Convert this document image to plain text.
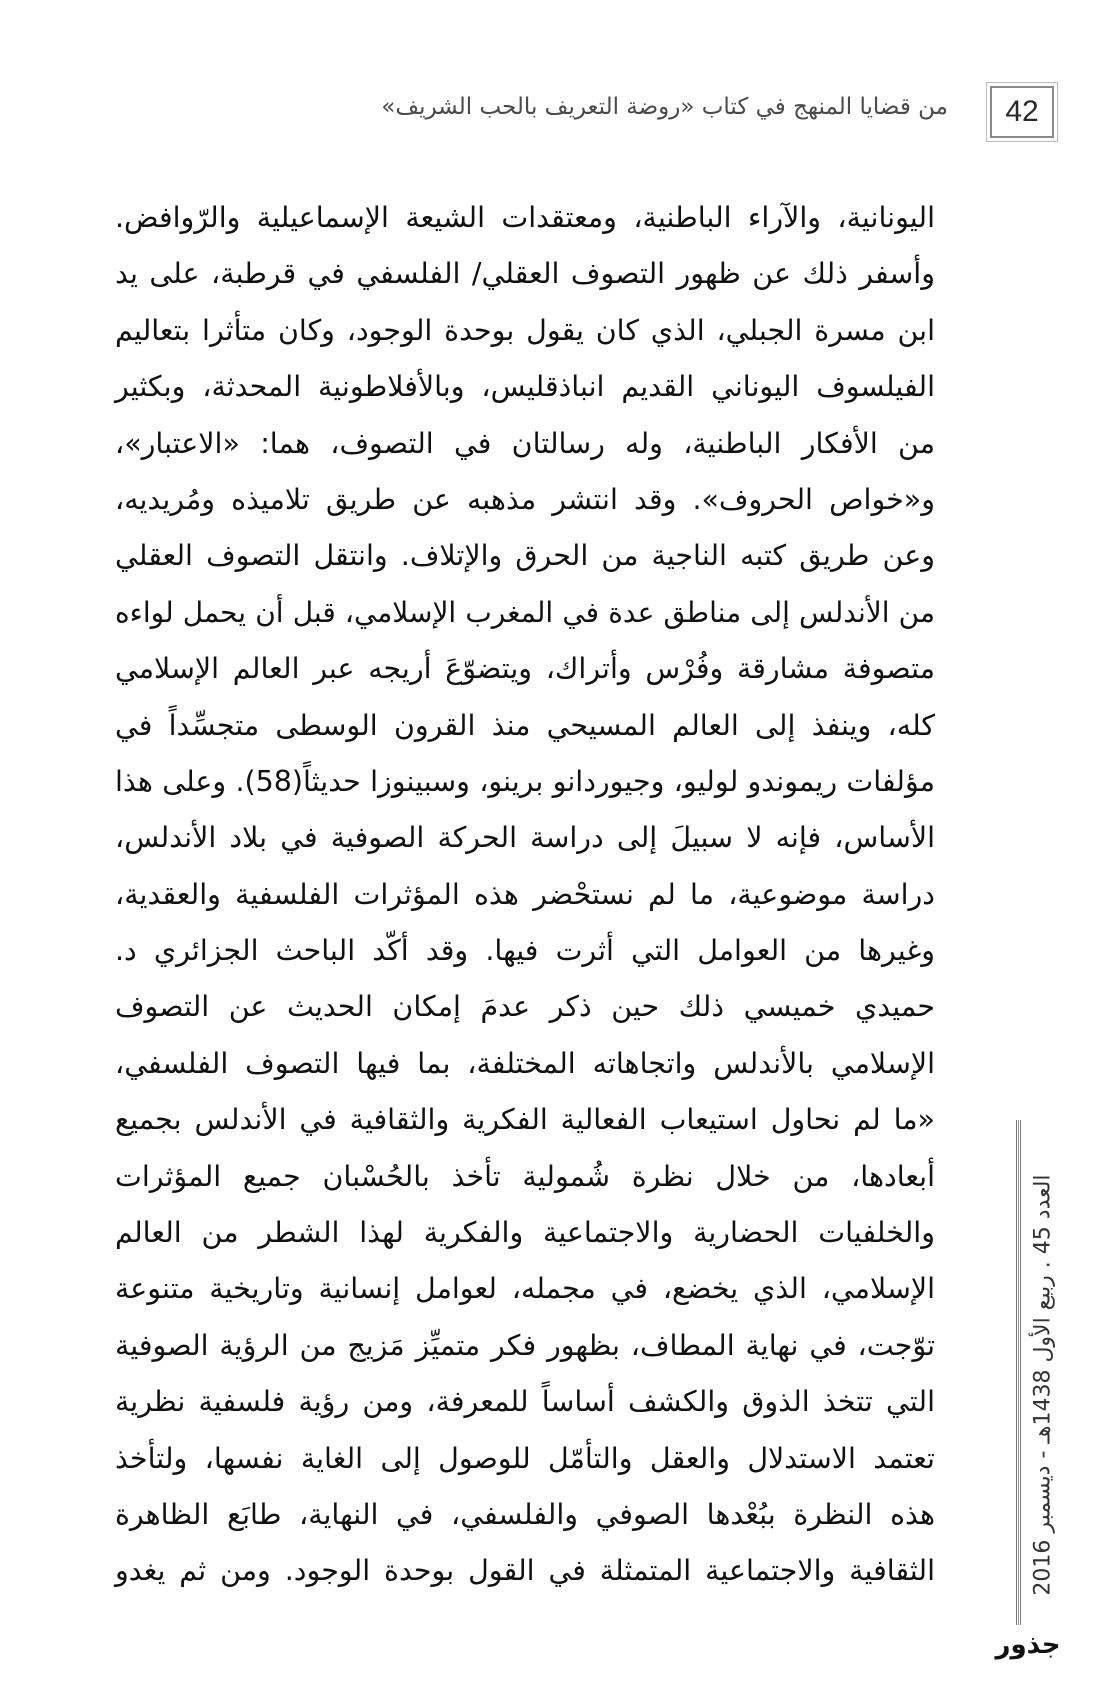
42
من قضايا المنهج في كتاب «روضة التعريف بالحب الشريف»
اليونانية، والآراء الباطنية، ومعتقدات الشيعة الإسماعيلية والرّوافض.
وأسفر ذلك عن ظهور التصوف العقلي/ الفلسفي في قرطبة، على يد
ابن مسرة الجبلي، الذي كان يقول بوحدة الوجود، وكان متأثرا بتعاليم
الفيلسوف اليوناني القديم انباذقليس، وبالأفلاطونية المحدثة، وبكثير
من الأفكار الباطنية، وله رسالتان في التصوف، هما: «الاعتبار»،
و«خواص الحروف». وقد انتشر مذهبه عن طريق تلاميذه ومُريديه،
وعن طريق كتبه الناجية من الحرق والإتلاف. وانتقل التصوف العقلي
من الأندلس إلى مناطق عدة في المغرب الإسلامي، قبل أن يحمل لواءه
متصوفة مشارقة وفُرْس وأتراك، ويتضوّعَ أريجه عبر العالم الإسلامي
كله، وينفذ إلى العالم المسيحي منذ القرون الوسطى متجسِّداً في
مؤلفات ريموندو لوليو، وجيوردانو برينو، وسبينوزا حديثاً(58). وعلى هذا
الأساس، فإنه لا سبيلَ إلى دراسة الحركة الصوفية في بلاد الأندلس،
دراسة موضوعية، ما لم نستحْضر هذه المؤثرات الفلسفية والعقدية،
وغيرها من العوامل التي أثرت فيها. وقد أكّد الباحث الجزائري د.
حميدي خميسي ذلك حين ذكر عدمَ إمكان الحديث عن التصوف
الإسلامي بالأندلس واتجاهاته المختلفة، بما فيها التصوف الفلسفي،
«ما لم نحاول استيعاب الفعالية الفكرية والثقافية في الأندلس بجميع
أبعادها، من خلال نظرة شُمولية تأخذ بالحُسْبان جميع المؤثرات
والخلفيات الحضارية والاجتماعية والفكرية لهذا الشطر من العالم
الإسلامي، الذي يخضع، في مجمله، لعوامل إنسانية وتاريخية متنوعة
توّجت، في نهاية المطاف، بظهور فكر متميِّز مَزيج من الرؤية الصوفية
التي تتخذ الذوق والكشف أساساً للمعرفة، ومن رؤية فلسفية نظرية
تعتمد الاستدلال والعقل والتأمّل للوصول إلى الغاية نفسها، ولتأخذ
هذه النظرة ببُعْدها الصوفي والفلسفي، في النهاية، طابَع الظاهرة
الثقافية والاجتماعية المتمثلة في القول بوحدة الوجود. ومن ثم يغدو	العدد 45 . ربيع الأول 1438هـ - ديسمبر 2016
جذور
